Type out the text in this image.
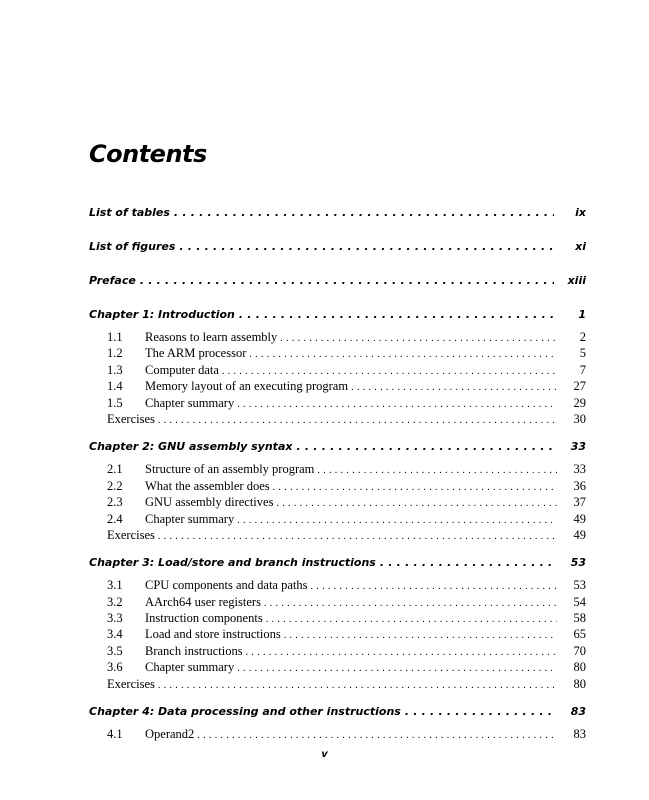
Contents
List of tables . . .	ix
List of figures . . .	xi
Preface . . .	xiii
Chapter 1: Introduction . . .	1
1.1	Reasons to learn assembly . . .	2
1.2	The ARM processor . . .	5
1.3	Computer data . . .	7
1.4	Memory layout of an executing program . . .	27
1.5	Chapter summary . . .	29
Exercises . . .	30
Chapter 2: GNU assembly syntax . . .	33
2.1	Structure of an assembly program . . .	33
2.2	What the assembler does . . .	36
2.3	GNU assembly directives . . .	37
2.4	Chapter summary . . .	49
Exercises . . .	49
Chapter 3: Load/store and branch instructions . . .	53
3.1	CPU components and data paths . . .	53
3.2	AArch64 user registers . . .	54
3.3	Instruction components . . .	58
3.4	Load and store instructions . . .	65
3.5	Branch instructions . . .	70
3.6	Chapter summary . . .	80
Exercises . . .	80
Chapter 4: Data processing and other instructions . . .	83
4.1	Operand2 . . .	83
v
